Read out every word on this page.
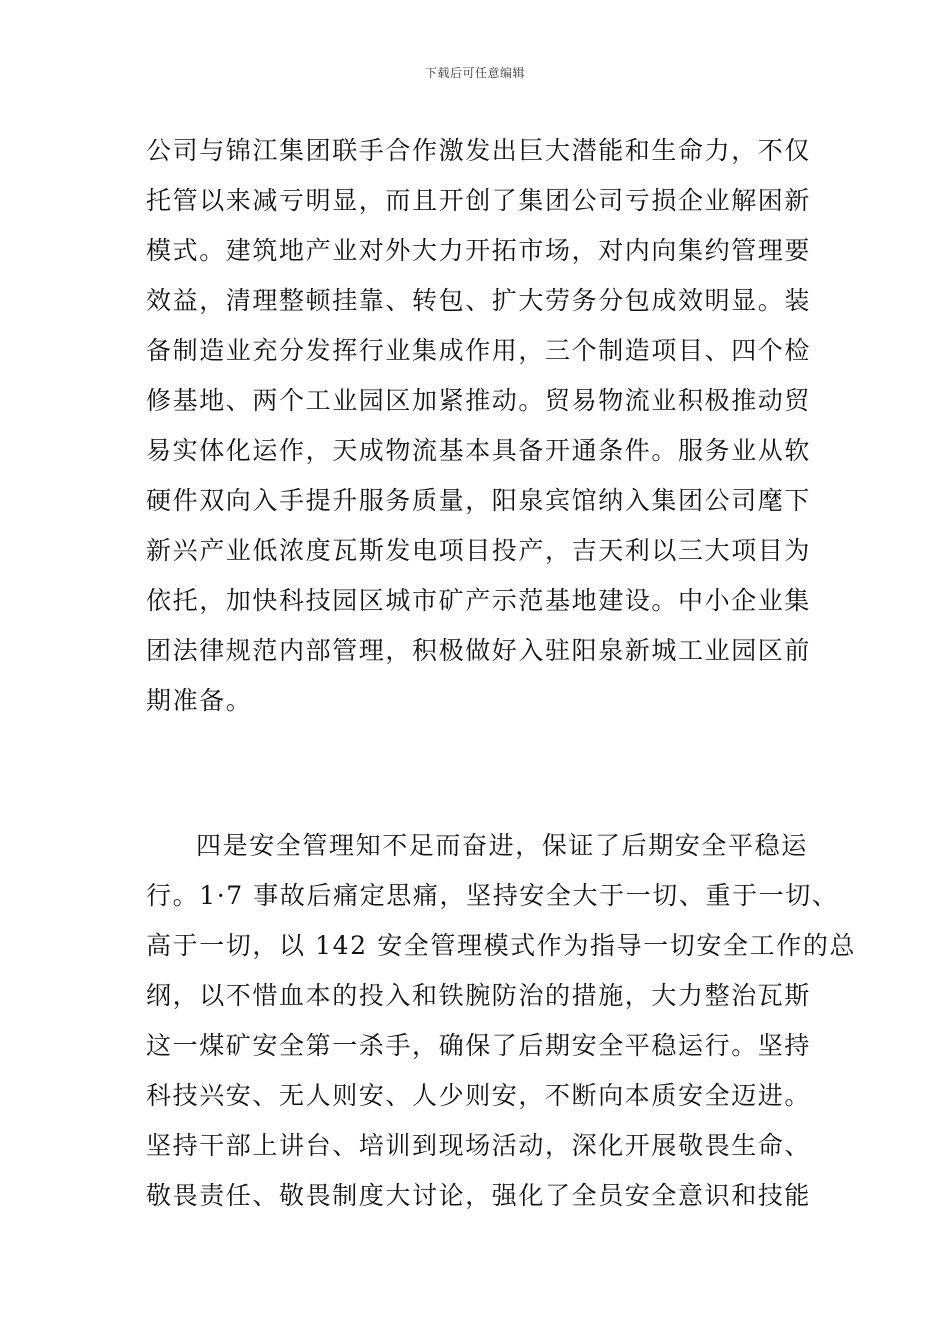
下载后可任意编辑
公司与锦江集团联手合作激发出巨大潜能和生命力，不仅
托管以来减亏明显，而且开创了集团公司亏损企业解困新
模式。建筑地产业对外大力开拓市场，对内向集约管理要
效益，清理整顿挂靠、转包、扩大劳务分包成效明显。装
备制造业充分发挥行业集成作用，三个制造项目、四个检
修基地、两个工业园区加紧推动。贸易物流业积极推动贸
易实体化运作，天成物流基本具备开通条件。服务业从软
硬件双向入手提升服务质量，阳泉宾馆纳入集团公司麾下
新兴产业低浓度瓦斯发电项目投产，吉天利以三大项目为
依托，加快科技园区城市矿产示范基地建设。中小企业集
团法律规范内部管理，积极做好入驻阳泉新城工业园区前
期准备。
四是安全管理知不足而奋进，保证了后期安全平稳运
行。1·7 事故后痛定思痛，坚持安全大于一切、重于一切、
高于一切，以 142 安全管理模式作为指导一切安全工作的总
纲，以不惜血本的投入和铁腕防治的措施，大力整治瓦斯
这一煤矿安全第一杀手，确保了后期安全平稳运行。坚持
科技兴安、无人则安、人少则安，不断向本质安全迈进。
坚持干部上讲台、培训到现场活动，深化开展敬畏生命、
敬畏责任、敬畏制度大讨论，强化了全员安全意识和技能
